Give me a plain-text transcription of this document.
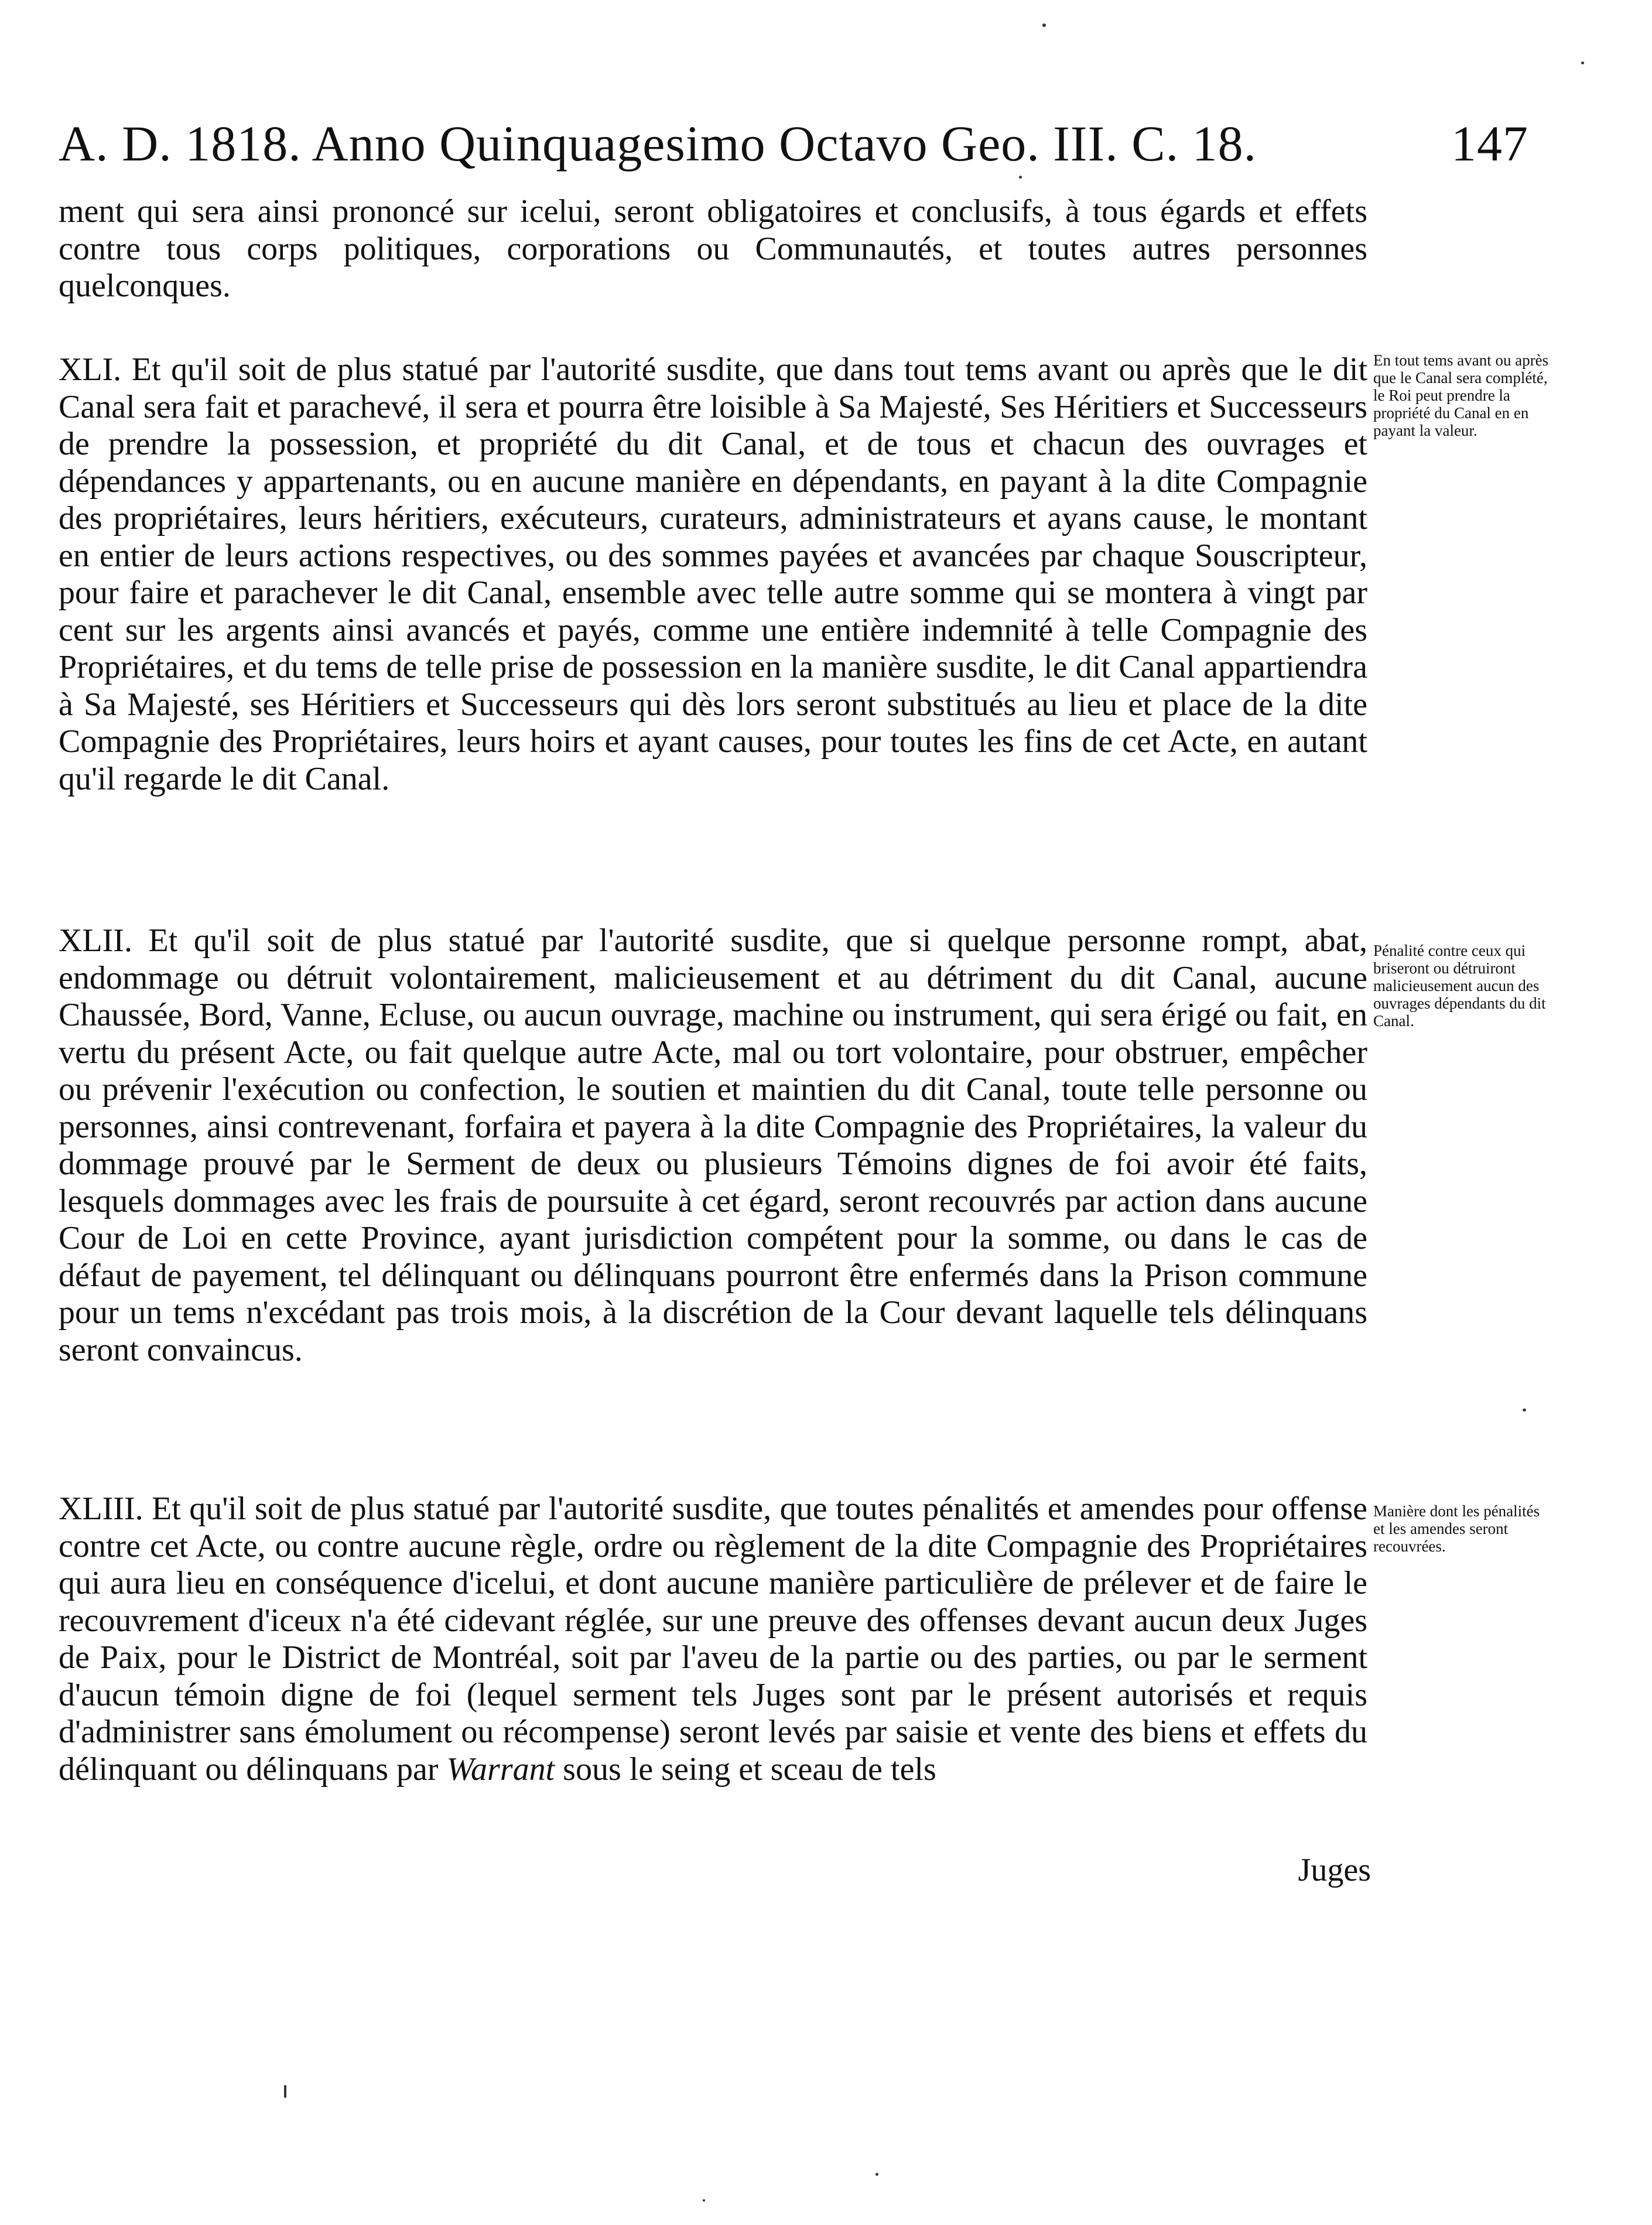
A. D. 1818. Anno Quinquagesimo Octavo Geo. III. C. 18.	147

ment qui sera ainsi prononcé sur icelui, seront obligatoires et conclusifs, à tous égards et effets contre tous corps politiques, corporations ou Communautés, et toutes autres personnes quelconques.

XLI. Et qu'il soit de plus statué par l'autorité susdite, que dans tout tems avant ou après que le dit Canal sera fait et parachevé, il sera et pourra être loisible à Sa Majesté, Ses Héritiers et Successeurs de prendre la possession, et propriété du dit Canal, et de tous et chacun des ouvrages et dépendances y appartenants, ou en aucune manière en dépendants, en payant à la dite Compagnie des propriétaires, leurs héritiers, exécuteurs, curateurs, administrateurs et ayans cause, le montant en entier de leurs actions respectives, ou des sommes payées et avancées par chaque Souscripteur, pour faire et parachever le dit Canal, ensemble avec telle autre somme qui se montera à vingt par cent sur les argents ainsi avancés et payés, comme une entière indemnité à telle Compagnie des Propriétaires, et du tems de telle prise de possession en la manière susdite, le dit Canal appartiendra à Sa Majesté, ses Héritiers et Successeurs qui dès lors seront substitués au lieu et place de la dite Compagnie des Propriétaires, leurs hoirs et ayant causes, pour toutes les fins de cet Acte, en autant qu'il regarde le dit Canal.

XLII. Et qu'il soit de plus statué par l'autorité susdite, que si quelque personne rompt, abat, endommage ou détruit volontairement, malicieusement et au détriment du dit Canal, aucune Chaussée, Bord, Vanne, Ecluse, ou aucun ouvrage, machine ou instrument, qui sera érigé ou fait, en vertu du présent Acte, ou fait quelque autre Acte, mal ou tort volontaire, pour obstruer, empêcher ou prévenir l'exécution ou confection, le soutien et maintien du dit Canal, toute telle personne ou personnes, ainsi contrevenant, forfaira et payera à la dite Compagnie des Propriétaires, la valeur du dommage prouvé par le Serment de deux ou plusieurs Témoins dignes de foi avoir été faits, lesquels dommages avec les frais de poursuite à cet égard, seront recouvrés par action dans aucune Cour de Loi en cette Province, ayant jurisdiction compétent pour la somme, ou dans le cas de défaut de payement, tel délinquant ou délinquans pourront être enfermés dans la Prison commune pour un tems n'excédant pas trois mois, à la discrétion de la Cour devant laquelle tels délinquans seront convaincus.

XLIII. Et qu'il soit de plus statué par l'autorité susdite, que toutes pénalités et amendes pour offense contre cet Acte, ou contre aucune règle, ordre ou règlement de la dite Compagnie des Propriétaires qui aura lieu en conséquence d'icelui, et dont aucune manière particulière de prélever et de faire le recouvrement d'iceux n'a été cidevant réglée, sur une preuve des offenses devant aucun deux Juges de Paix, pour le District de Montréal, soit par l'aveu de la partie ou des parties, ou par le serment d'aucun témoin digne de foi (lequel serment tels Juges sont par le présent autorisés et requis d'administrer sans émolument ou récompense) seront levés par saisie et vente des biens et effets du délinquant ou délinquans par Warrant sous le seing et sceau de tels

En tout tems avant ou après que le Canal sera complété, le Roi peut prendre la propriété du Canal en en payant la valeur.
Pénalité contre ceux qui briseront ou détruiront malicieusement aucun des ouvrages dépendants du dit Canal.
Manière dont les pénalités et les amendes seront recouvrées.
Juges
